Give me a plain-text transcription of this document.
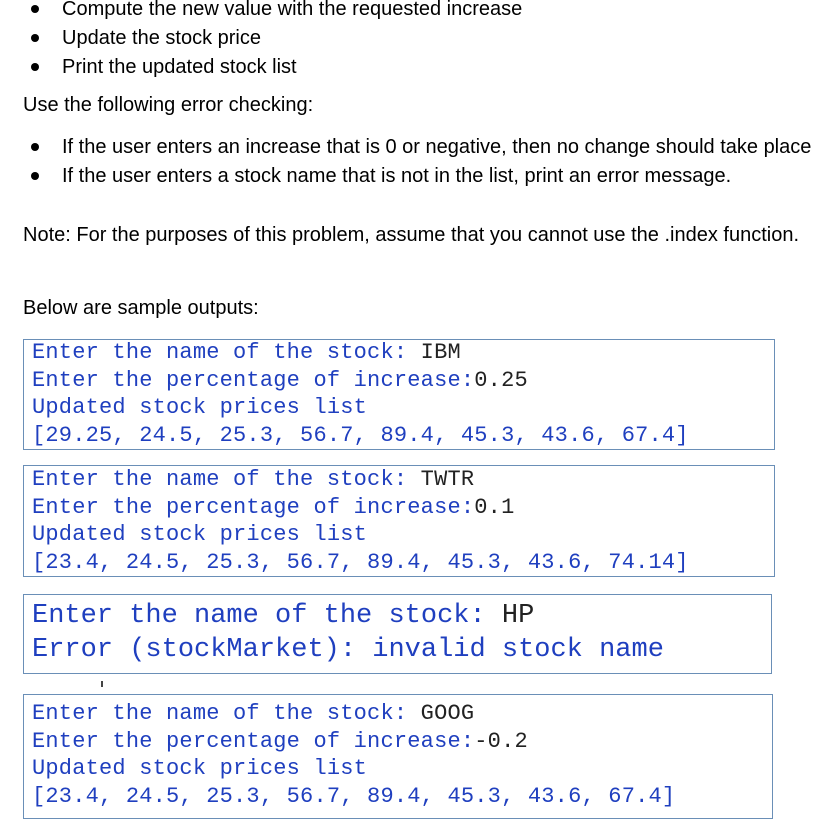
Compute the new value with the requested increase
Update the stock price
Print the updated stock list
Use the following error checking:
If the user enters an increase that is 0 or negative, then no change should take place
If the user enters a stock name that is not in the list, print an error message.
Note: For the purposes of this problem, assume that you cannot use the .index function.
Below are sample outputs:
Enter the name of the stock: IBM
Enter the percentage of increase:0.25
Updated stock prices list
[29.25, 24.5, 25.3, 56.7, 89.4, 45.3, 43.6, 67.4]
Enter the name of the stock: TWTR
Enter the percentage of increase:0.1
Updated stock prices list
[23.4, 24.5, 25.3, 56.7, 89.4, 45.3, 43.6, 74.14]
Enter the name of the stock: HP
Error (stockMarket): invalid stock name
Enter the name of the stock: GOOG
Enter the percentage of increase:-0.2
Updated stock prices list
[23.4, 24.5, 25.3, 56.7, 89.4, 45.3, 43.6, 67.4]
